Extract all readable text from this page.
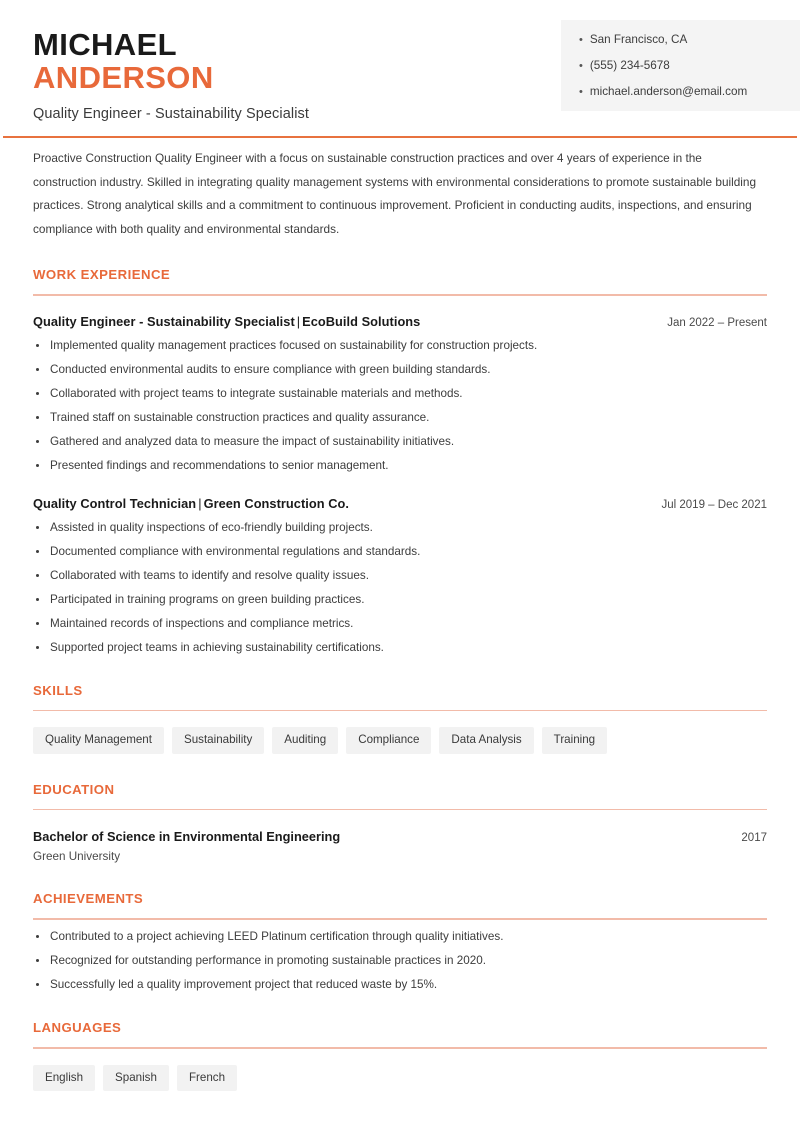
MICHAEL
ANDERSON
Quality Engineer - Sustainability Specialist
• San Francisco, CA
• (555) 234-5678
• michael.anderson@email.com

Proactive Construction Quality Engineer with a focus on sustainable construction practices and over 4 years of experience in the construction industry. Skilled in integrating quality management systems with environmental considerations to promote sustainable building practices. Strong analytical skills and a commitment to continuous improvement. Proficient in conducting audits, inspections, and ensuring compliance with both quality and environmental standards.

WORK EXPERIENCE
Quality Engineer - Sustainability Specialist | EcoBuild Solutions	Jan 2022 – Present
Implemented quality management practices focused on sustainability for construction projects.
Conducted environmental audits to ensure compliance with green building standards.
Collaborated with project teams to integrate sustainable materials and methods.
Trained staff on sustainable construction practices and quality assurance.
Gathered and analyzed data to measure the impact of sustainability initiatives.
Presented findings and recommendations to senior management.
Quality Control Technician | Green Construction Co.	Jul 2019 – Dec 2021
Assisted in quality inspections of eco-friendly building projects.
Documented compliance with environmental regulations and standards.
Collaborated with teams to identify and resolve quality issues.
Participated in training programs on green building practices.
Maintained records of inspections and compliance metrics.
Supported project teams in achieving sustainability certifications.
SKILLS
Quality Management	Sustainability	Auditing	Compliance	Data Analysis	Training
EDUCATION
Bachelor of Science in Environmental Engineering	2017
Green University
ACHIEVEMENTS
Contributed to a project achieving LEED Platinum certification through quality initiatives.
Recognized for outstanding performance in promoting sustainable practices in 2020.
Successfully led a quality improvement project that reduced waste by 15%.
LANGUAGES
English	Spanish	French
